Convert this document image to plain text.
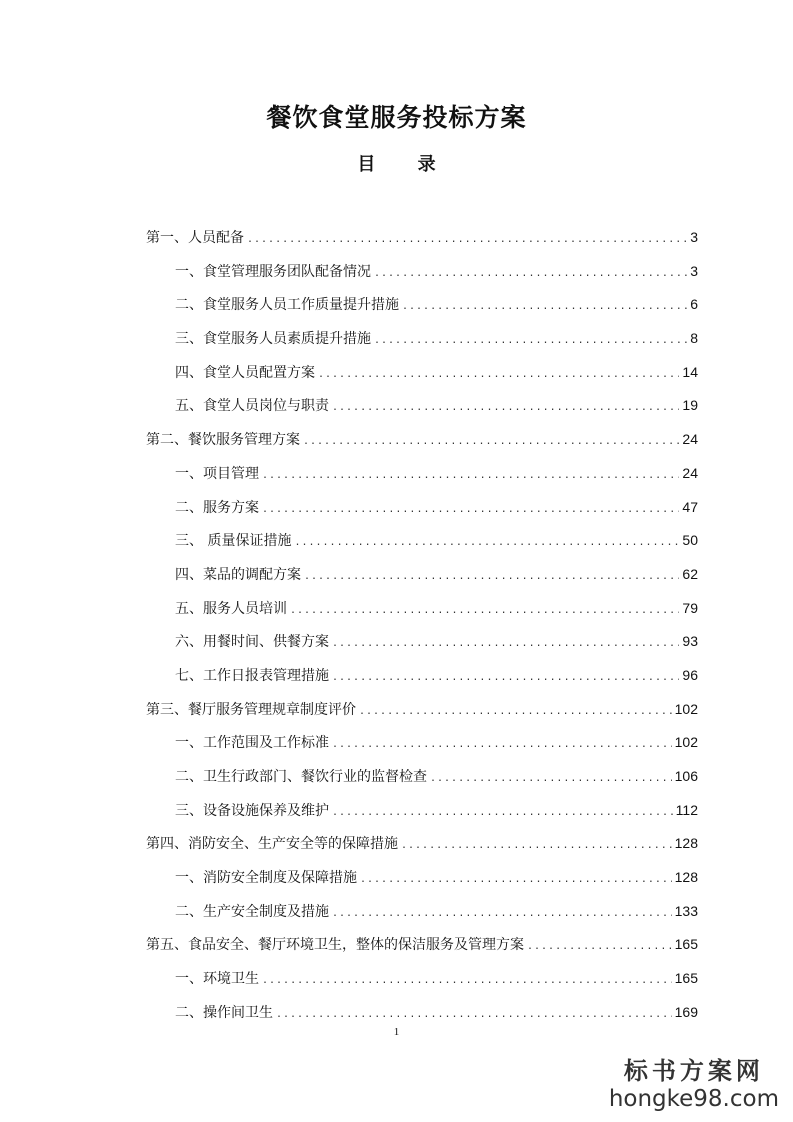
餐饮食堂服务投标方案
目 录
第一、人员配备 .....	3
一、食堂管理服务团队配备情况 .....	3
二、食堂服务人员工作质量提升措施 .....	6
三、食堂服务人员素质提升措施 .....	8
四、食堂人员配置方案 .....	14
五、食堂人员岗位与职责 .....	19
第二、餐饮服务管理方案 .....	24
一、项目管理 .....	24
二、服务方案 .....	47
三、 质量保证措施 .....	50
四、菜品的调配方案 .....	62
五、服务人员培训 .....	79
六、用餐时间、供餐方案 .....	93
七、工作日报表管理措施 .....	96
第三、餐厅服务管理规章制度评价 .....	102
一、工作范围及工作标准 .....	102
二、卫生行政部门、餐饮行业的监督检查 .....	106
三、设备设施保养及维护 .....	112
第四、消防安全、生产安全等的保障措施 .....	128
一、消防安全制度及保障措施 .....	128
二、生产安全制度及措施 .....	133
第五、食品安全、餐厅环境卫生，整体的保洁服务及管理方案 .....	165
一、环境卫生 .....	165
二、操作间卫生 .....	169
1
标书方案网
hongke98.com
